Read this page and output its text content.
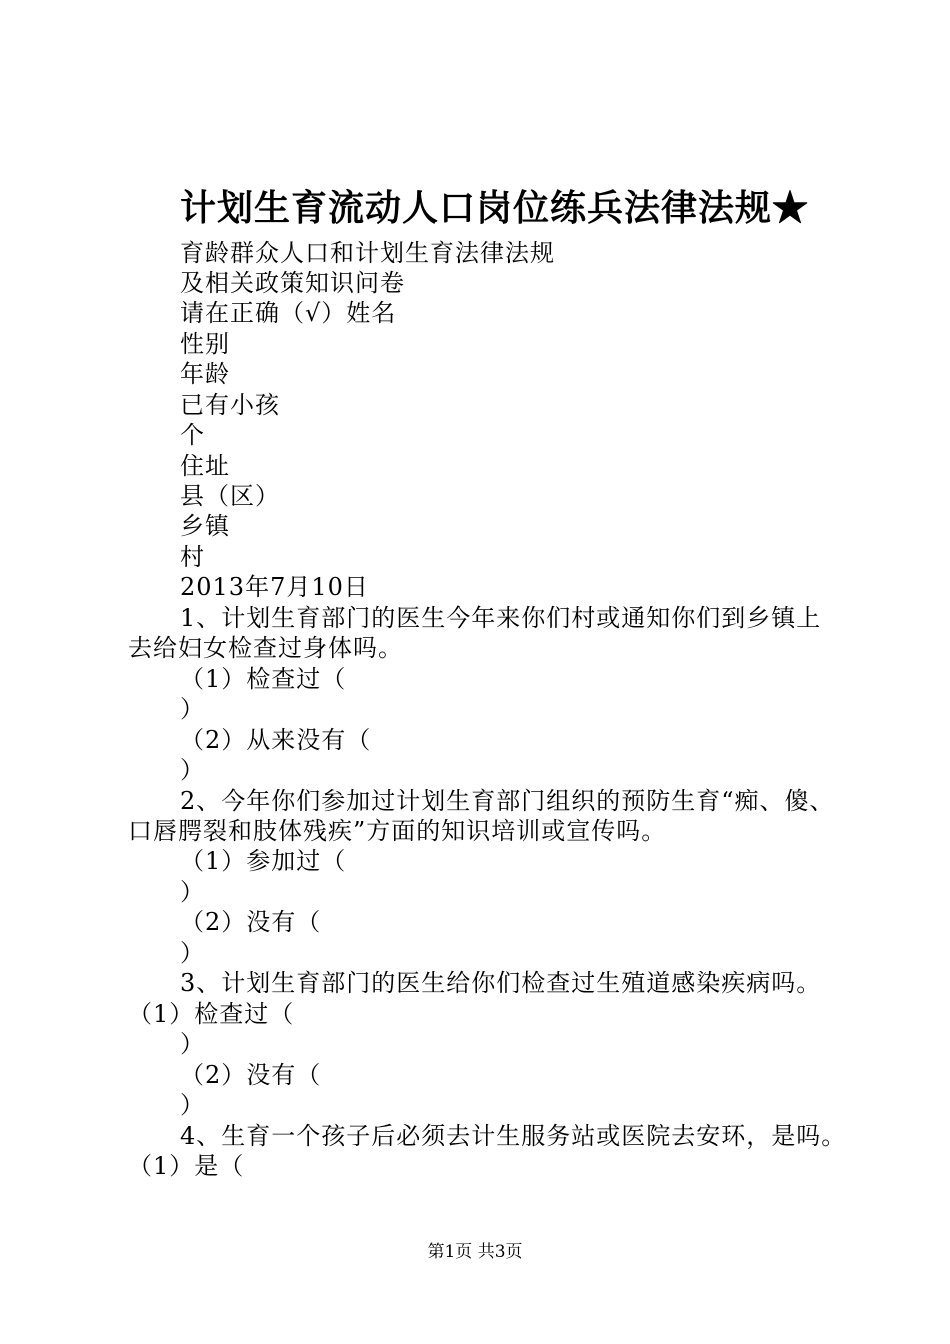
计划生育流动人口岗位练兵法律法规★
育龄群众人口和计划生育法律法规
及相关政策知识问卷
请在正确（√）姓名
性别
年龄
已有小孩
个
住址
县（区）
乡镇
村
2013年7月10日
1、计划生育部门的医生今年来你们村或通知你们到乡镇上
去给妇女检查过身体吗。
（1）检查过（
）
（2）从来没有（
）
2、今年你们参加过计划生育部门组织的预防生育“痴、傻、
口唇腭裂和肢体残疾”方面的知识培训或宣传吗。
（1）参加过（
）
（2）没有（
）
3、计划生育部门的医生给你们检查过生殖道感染疾病吗。
（1）检查过（
）
（2）没有（
）
4、生育一个孩子后必须去计生服务站或医院去安环，是吗。
（1）是（
第1页 共3页
